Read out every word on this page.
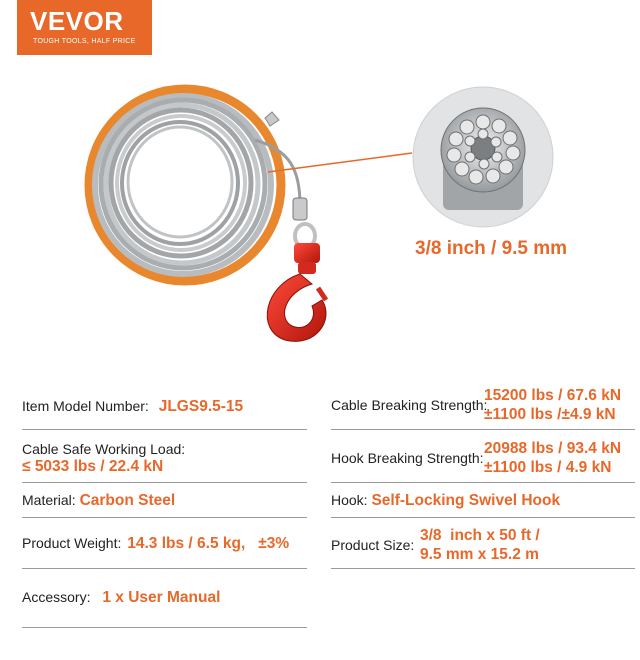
VEVOR
TOUGH TOOLS, HALF PRICE
3/8 inch / 9.5 mm
Item Model Number: JLGS9.5-15
Cable Safe Working Load:
≤ 5033 lbs / 22.4 kN
Material: Carbon Steel
Product Weight: 14.3 lbs / 6.5 kg,   ±3%
Accessory: 1 x User Manual
Cable Breaking Strength:
15200 lbs / 67.6 kN
±1100 lbs /±4.9 kN
Hook Breaking Strength:
20988 lbs / 93.4 kN
±1100 lbs / 4.9 kN
Hook: Self-Locking Swivel Hook
Product Size:
3/8  inch x 50 ft /
9.5 mm x 15.2 m
